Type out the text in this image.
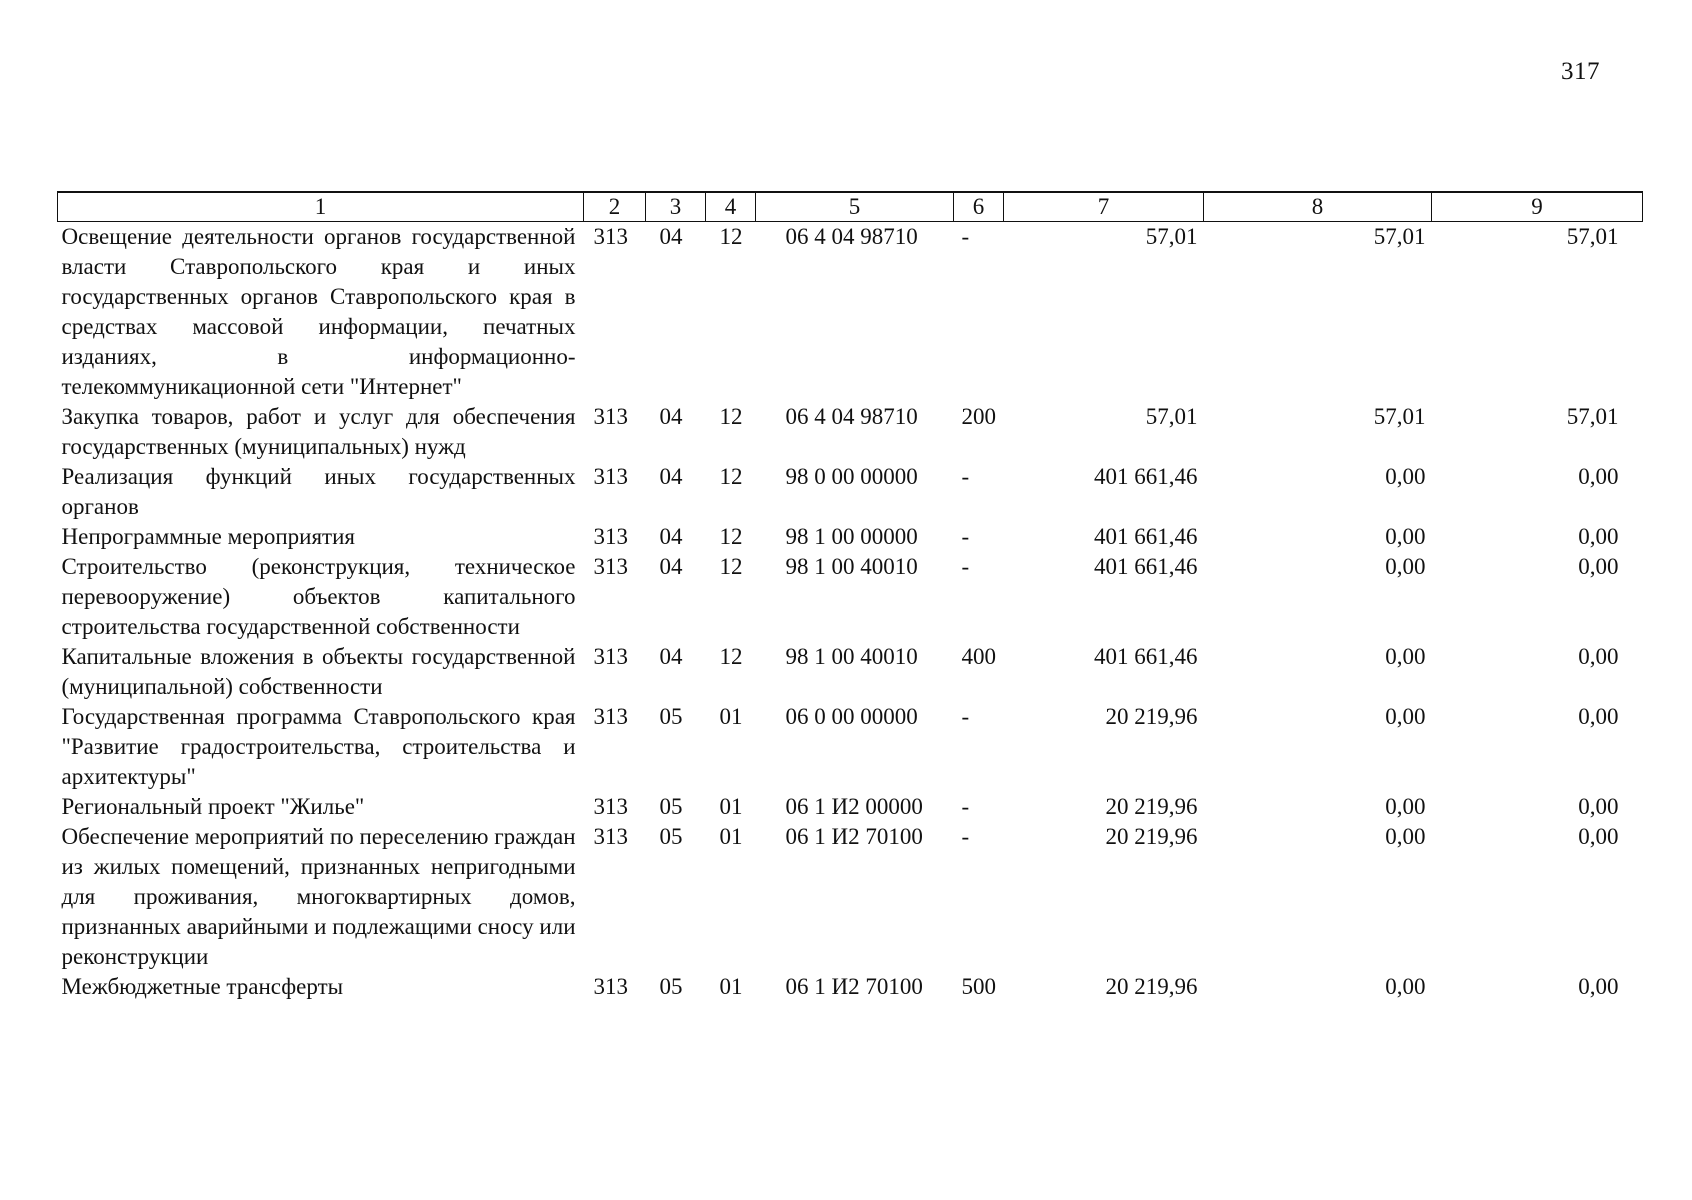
317
1	2	3	4	5	6	7	8	9
Освещение деятельности органов государственной власти Ставропольского края и иных государственных органов Ставропольского края в средствах массовой информации, печатных изданиях, в информационно-телекоммуникационной сети "Интернет"	313	04	12	06 4 04 98710	-	57,01	57,01	57,01
Закупка товаров, работ и услуг для обеспечения государственных (муниципальных) нужд	313	04	12	06 4 04 98710	200	57,01	57,01	57,01
Реализация функций иных государственных органов	313	04	12	98 0 00 00000	-	401 661,46	0,00	0,00
Непрограммные мероприятия	313	04	12	98 1 00 00000	-	401 661,46	0,00	0,00
Строительство (реконструкция, техническое перевооружение) объектов капитального строительства государственной собственности	313	04	12	98 1 00 40010	-	401 661,46	0,00	0,00
Капитальные вложения в объекты государственной (муниципальной) собственности	313	04	12	98 1 00 40010	400	401 661,46	0,00	0,00
Государственная программа Ставропольского края "Развитие градостроительства, строительства и архитектуры"	313	05	01	06 0 00 00000	-	20 219,96	0,00	0,00
Региональный проект "Жилье"	313	05	01	06 1 И2 00000	-	20 219,96	0,00	0,00
Обеспечение мероприятий по переселению граждан из жилых помещений, признанных непригодными для проживания, многоквартирных домов, признанных аварийными и подлежащими сносу или реконструкции	313	05	01	06 1 И2 70100	-	20 219,96	0,00	0,00
Межбюджетные трансферты	313	05	01	06 1 И2 70100	500	20 219,96	0,00	0,00
